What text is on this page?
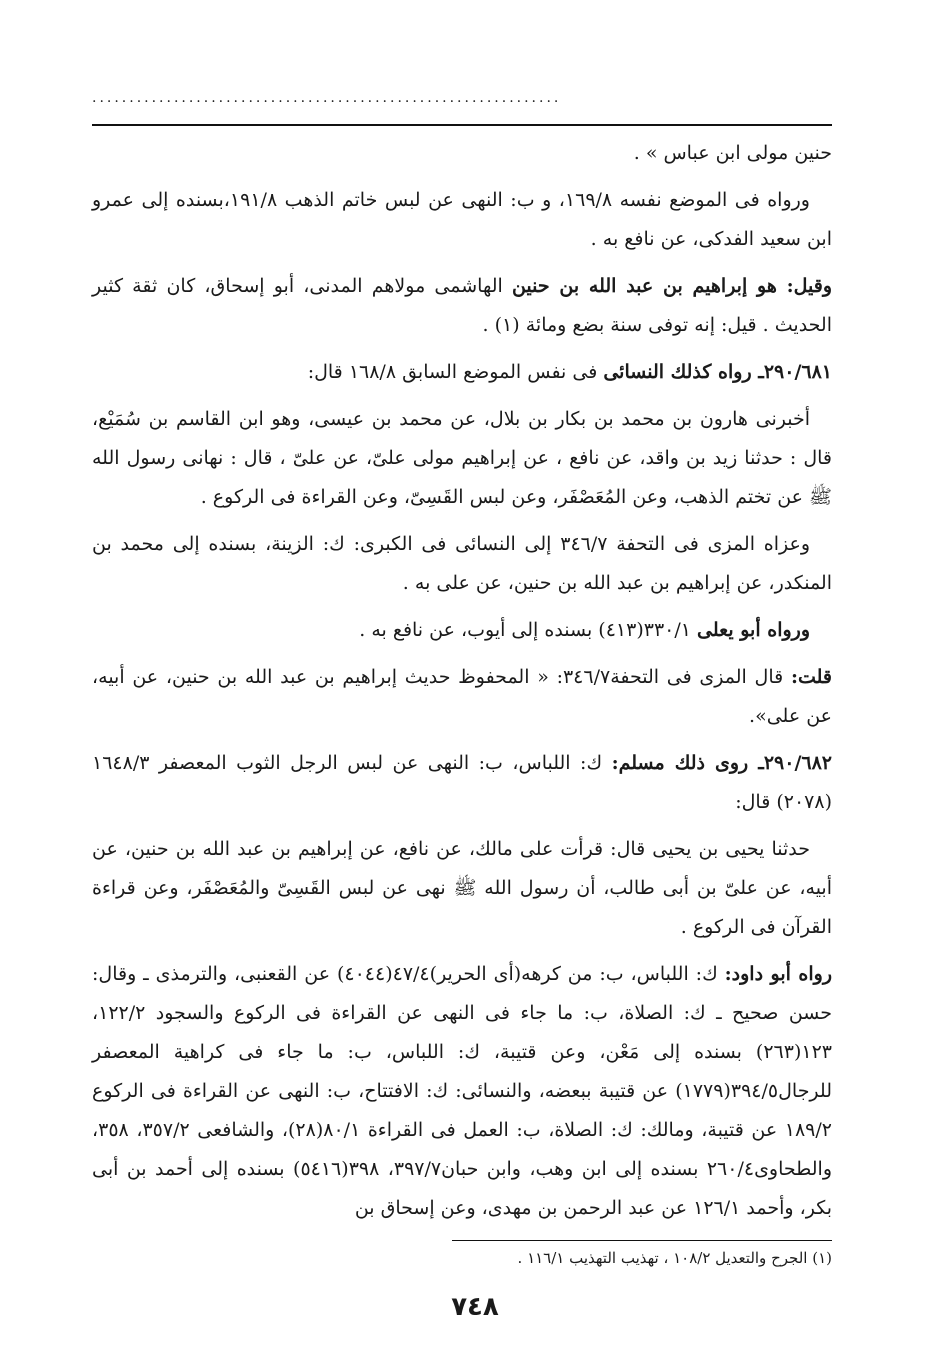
...............................................................

حنين مولى ابن عباس » .

ورواه فى الموضع نفسه ١٦٩/٨، و ب: النهى عن لبس خاتم الذهب ١٩١/٨،بسنده إلى عمرو ابن سعيد الفدكى، عن نافع به .

وقيل: هو إبراهيم بن عبد الله بن حنين الهاشمى مولاهم المدنى، أبو إسحاق، كان ثقة كثير الحديث . قيل: إنه توفى سنة بضع ومائة (١) .

٢٩٠/٦٨١ـ رواه كذلك النسائى فى نفس الموضع السابق ١٦٨/٨ قال:

أخبرنى هارون بن محمد بن بكار بن بلال، عن محمد بن عيسى، وهو ابن القاسم بن سُمَيْع، قال : حدثنا زيد بن واقد، عن نافع ، عن إبراهيم مولى علىّ، عن علىّ ، قال : نهانى رسول الله ﷺ عن تختم الذهب، وعن المُعَصْفَر، وعن لبس القَسِىّ، وعن القراءة فى الركوع .

وعزاه المزى فى التحفة ٣٤٦/٧ إلى النسائى فى الكبرى: ك: الزينة، بسنده إلى محمد بن المنكدر، عن إبراهيم بن عبد الله بن حنين، عن على به .

ورواه أبو يعلى ٣٣٠/١(٤١٣) بسنده إلى أيوب، عن نافع به .

قلت: قال المزى فى التحفة٣٤٦/٧: « المحفوظ حديث إبراهيم بن عبد الله بن حنين، عن أبيه، عن على».

٢٩٠/٦٨٢ـ روى ذلك مسلم: ك: اللباس، ب: النهى عن لبس الرجل الثوب المعصفر ١٦٤٨/٣ (٢٠٧٨) قال:

حدثنا يحيى بن يحيى قال: قرأت على مالك، عن نافع، عن إبراهيم بن عبد الله بن حنين، عن أبيه، عن علىّ بن أبى طالب، أن رسول الله ﷺ نهى عن لبس القَسِىّ والمُعَصْفَر، وعن قراءة القرآن فى الركوع .

رواه أبو داود: ك: اللباس، ب: من كرهه(أى الحرير)٤٧/٤(٤٠٤٤) عن القعنبى، والترمذى ـ وقال: حسن صحيح ـ ك: الصلاة، ب: ما جاء فى النهى عن القراءة فى الركوع والسجود ١٢٢/٢، ١٢٣(٢٦٣) بسنده إلى مَعْن، وعن قتيبة، ك: اللباس، ب: ما جاء فى كراهية المعصفر للرجال٣٩٤/٥(١٧٧٩) عن قتيبة ببعضه، والنسائى: ك: الافتتاح، ب: النهى عن القراءة فى الركوع ١٨٩/٢ عن قتيبة، ومالك: ك: الصلاة، ب: العمل فى القراءة ٨٠/١(٢٨)، والشافعى ٣٥٧/٢، ٣٥٨، والطحاوى٢٦٠/٤ بسنده إلى ابن وهب، وابن حبان٣٩٧/٧، ٣٩٨(٥٤١٦) بسنده إلى أحمد بن أبى بكر، وأحمد ١٢٦/١ عن عبد الرحمن بن مهدى، وعن إسحاق بن

(١) الجرح والتعديل ١٠٨/٢ ، تهذيب التهذيب ١١٦/١ .
٧٤٨
